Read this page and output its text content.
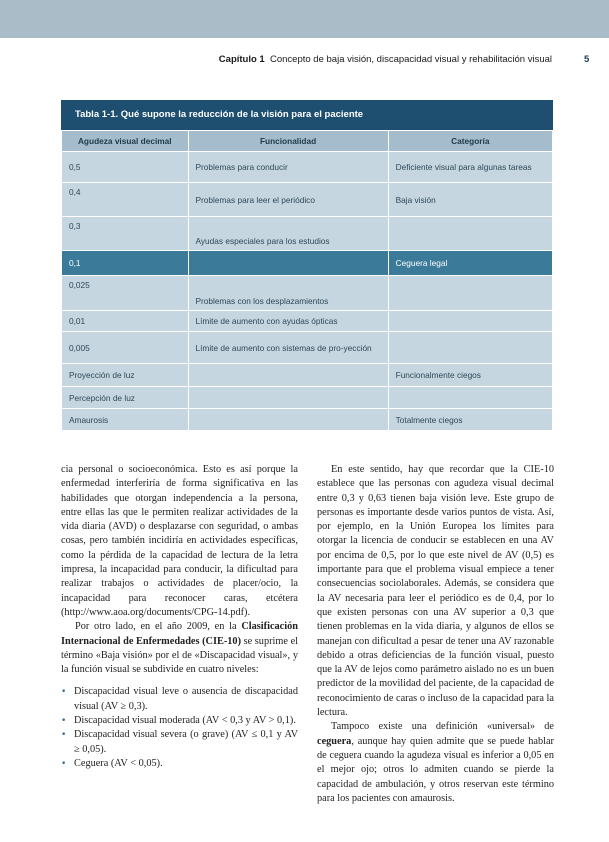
Capítulo 1 Concepto de baja visión, discapacidad visual y rehabilitación visual	5
Tabla 1-1. Qué supone la reducción de la visión para el paciente
Agudeza visual decimal	Funcionalidad	Categoría
0,5	Problemas para conducir	Deficiente visual para algunas tareas
0,4	Problemas para leer el periódico	Baja visión
0,3	Ayudas especiales para los estudios	
0,1		Ceguera legal
0,025	Problemas con los desplazamientos	
0,01	Límite de aumento con ayudas ópticas	
0,005	Límite de aumento con sistemas de pro-yección	
Proyección de luz		Funcionalmente ciegos
Percepción de luz		
Amaurosis		Totalmente ciegos

cia personal o socioeconómica. Esto es así porque la enfermedad interferiría de forma significativa en las habilidades que otorgan independencia a la persona, entre ellas las que le permiten realizar actividades de la vida diaria (AVD) o desplazarse con seguridad, o ambas cosas, pero también incidiría en actividades específicas, como la pérdida de la capacidad de lectura de la letra impresa, la incapacidad para conducir, la dificultad para realizar trabajos o actividades de placer/ocio, la incapacidad para reconocer caras, etcétera (http://www.aoa.org/documents/CPG-14.pdf).

Por otro lado, en el año 2009, en la Clasificación Internacional de Enfermedades (CIE-10) se suprime el término «Baja visión» por el de «Discapacidad visual», y la función visual se subdivide en cuatro niveles:

• Discapacidad visual leve o ausencia de discapacidad visual (AV ≥ 0,3).
• Discapacidad visual moderada (AV < 0,3 y AV > 0,1).
• Discapacidad visual severa (o grave) (AV ≤ 0,1 y AV ≥ 0,05).
• Ceguera (AV < 0,05).

En este sentido, hay que recordar que la CIE-10 establece que las personas con agudeza visual decimal entre 0,3 y 0,63 tienen baja visión leve. Este grupo de personas es importante desde varios puntos de vista. Así, por ejemplo, en la Unión Europea los límites para otorgar la licencia de conducir se establecen en una AV por encima de 0,5, por lo que este nivel de AV (0,5) es importante para que el problema visual empiece a tener consecuencias sociolaborales. Además, se considera que la AV necesaria para leer el periódico es de 0,4, por lo que existen personas con una AV superior a 0,3 que tienen problemas en la vida diaria, y algunos de ellos se manejan con dificultad a pesar de tener una AV razonable debido a otras deficiencias de la función visual, puesto que la AV de lejos como parámetro aislado no es un buen predictor de la movilidad del paciente, de la capacidad de reconocimiento de caras o incluso de la capacidad para la lectura.

Tampoco existe una definición «universal» de ceguera, aunque hay quien admite que se puede hablar de ceguera cuando la agudeza visual es inferior a 0,05 en el mejor ojo; otros lo admiten cuando se pierde la capacidad de ambulación, y otros reservan este término para los pacientes con amaurosis.
